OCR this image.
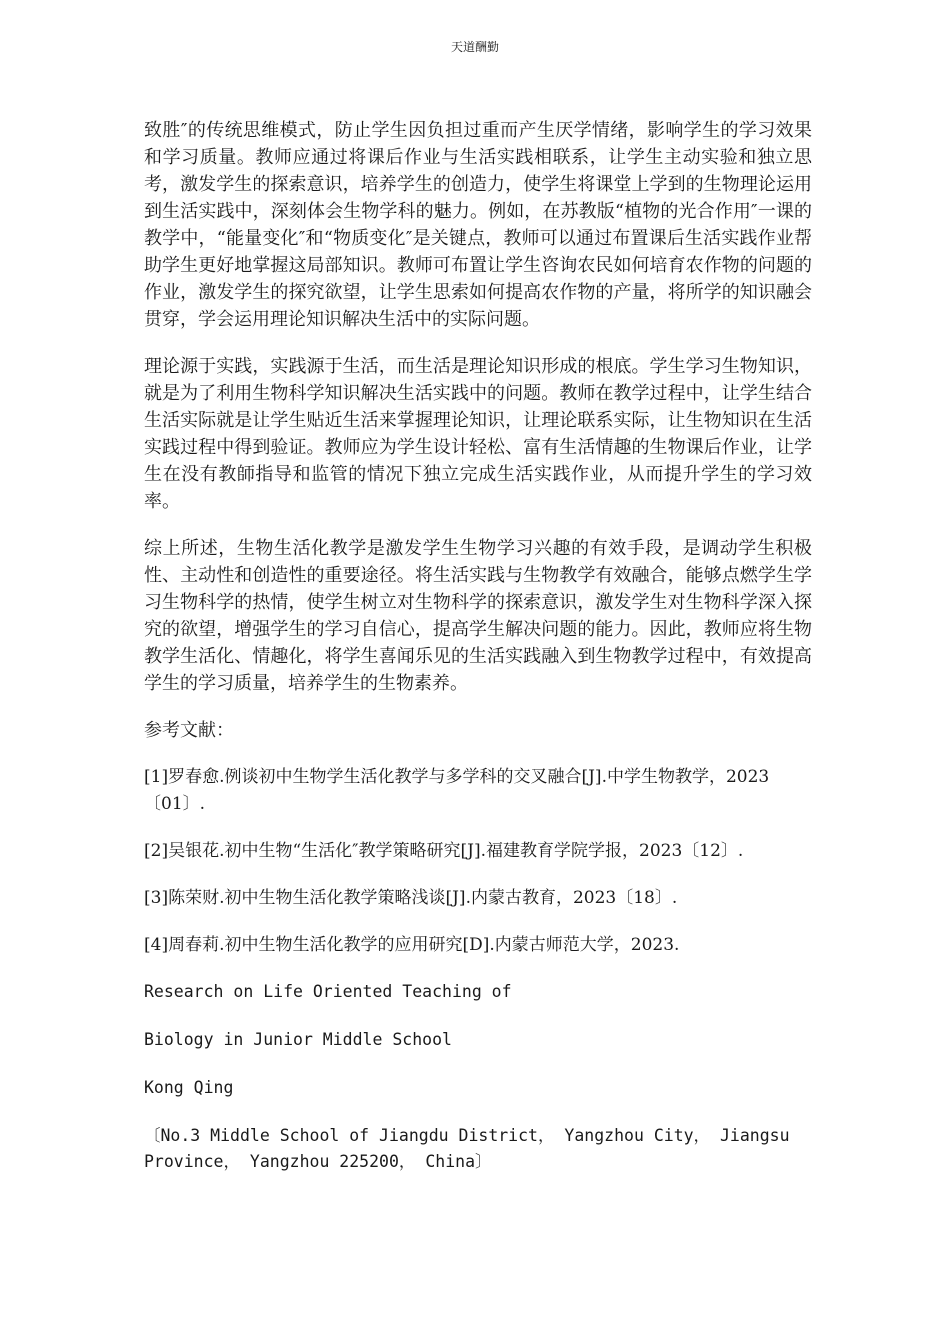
天道酬勤

致胜″的传统思维模式，防止学生因负担过重而产生厌学情绪，影响学生的学习效果和学习质量。教师应通过将课后作业与生活实践相联系，让学生主动实验和独立思考，激发学生的探索意识，培养学生的创造力，使学生将课堂上学到的生物理论运用到生活实践中，深刻体会生物学科的魅力。例如，在苏教版“植物的光合作用″一课的教学中，“能量变化″和“物质变化″是关键点，教师可以通过布置课后生活实践作业帮助学生更好地掌握这局部知识。教师可布置让学生咨询农民如何培育农作物的问题的作业，激发学生的探究欲望，让学生思索如何提高农作物的产量，将所学的知识融会贯穿，学会运用理论知识解决生活中的实际问题。

理论源于实践，实践源于生活，而生活是理论知识形成的根底。学生学习生物知识，就是为了利用生物科学知识解决生活实践中的问题。教师在教学过程中，让学生结合生活实际就是让学生贴近生活来掌握理论知识，让理论联系实际，让生物知识在生活实践过程中得到验证。教师应为学生设计轻松、富有生活情趣的生物课后作业，让学生在没有教師指导和监管的情况下独立完成生活实践作业，从而提升学生的学习效率。

综上所述，生物生活化教学是激发学生生物学习兴趣的有效手段，是调动学生积极性、主动性和创造性的重要途径。将生活实践与生物教学有效融合，能够点燃学生学习生物科学的热情，使学生树立对生物科学的探索意识，激发学生对生物科学深入探究的欲望，增强学生的学习自信心，提高学生解决问题的能力。因此，教师应将生物教学生活化、情趣化，将学生喜闻乐见的生活实践融入到生物教学过程中，有效提高学生的学习质量，培养学生的生物素养。

参考文献：

[1]罗春愈.例谈初中生物学生活化教学与多学科的交叉融合[J].中学生物教学，2023〔01〕.

[2]吴银花.初中生物“生活化″教学策略研究[J].福建教育学院学报，2023〔12〕.

[3]陈荣财.初中生物生活化教学策略浅谈[J].内蒙古教育，2023〔18〕.

[4]周春莉.初中生物生活化教学的应用研究[D].内蒙古师范大学，2023.

Research on Life Oriented Teaching of

Biology in Junior Middle School

Kong Qing

〔No.3 Middle School of Jiangdu District， Yangzhou City， Jiangsu Province， Yangzhou 225200， China〕
